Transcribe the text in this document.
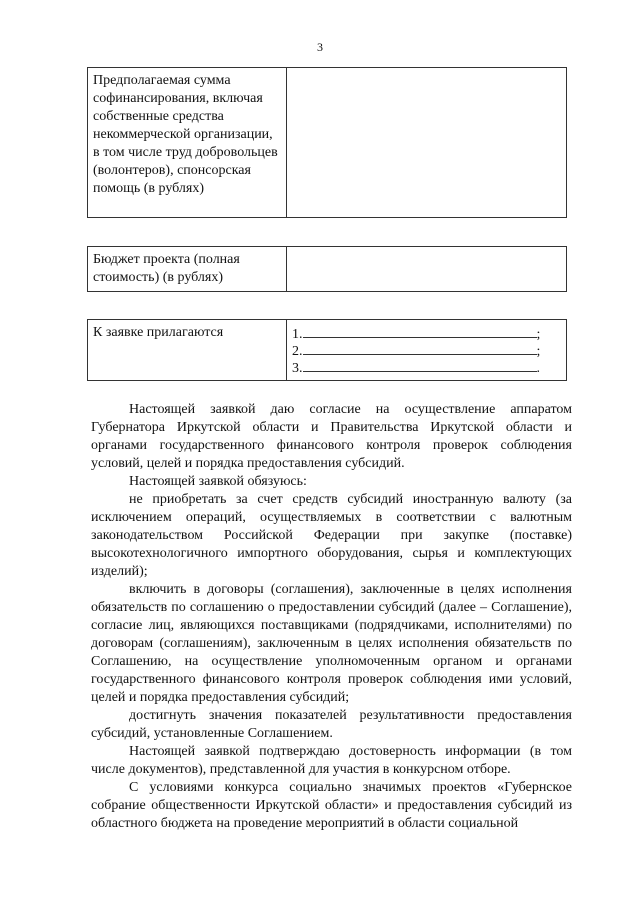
3
Предполагаемая сумма софинансирования, включая собственные средства некоммерческой организации, в том числе труд добровольцев (волонтеров), спонсорская помощь (в рублях)	
Бюджет проекта (полная стоимость) (в рублях)	
К заявке прилагаются	1.	;
2.	;
3.	.

Настоящей заявкой даю согласие на осуществление аппаратом Губернатора Иркутской области и Правительства Иркутской области и органами государственного финансового контроля проверок соблюдения условий, целей и порядка предоставления субсидий.

Настоящей заявкой обязуюсь:

не приобретать за счет средств субсидий иностранную валюту (за исключением операций, осуществляемых в соответствии с валютным законодательством Российской Федерации при закупке (поставке) высокотехнологичного импортного оборудования, сырья и комплектующих изделий);

включить в договоры (соглашения), заключенные в целях исполнения обязательств по соглашению о предоставлении субсидий (далее – Соглашение), согласие лиц, являющихся поставщиками (подрядчиками, исполнителями) по договорам (соглашениям), заключенным в целях исполнения обязательств по Соглашению, на осуществление уполномоченным органом и органами государственного финансового контроля проверок соблюдения ими условий, целей и порядка предоставления субсидий;

достигнуть значения показателей результативности предоставления субсидий, установленные Соглашением.

Настоящей заявкой подтверждаю достоверность информации (в том числе документов), представленной для участия в конкурсном отборе.

С условиями конкурса социально значимых проектов «Губернское собрание общественности Иркутской области» и предоставления субсидий из областного бюджета на проведение мероприятий в области социальной
